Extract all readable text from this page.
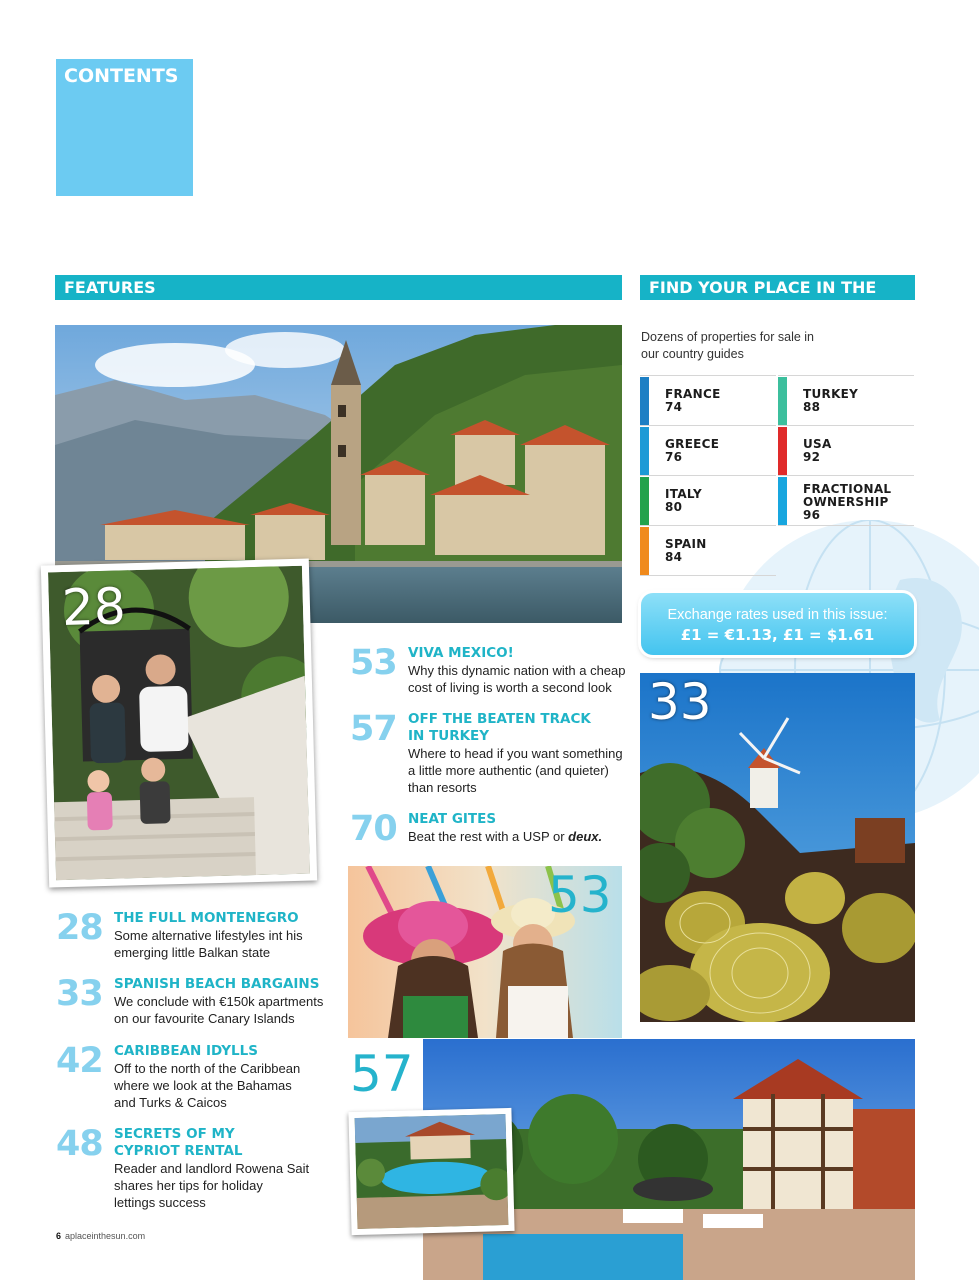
CONTENTS
FEATURES	FIND YOUR PLACE IN THE SUN
Dozens of properties for sale in
our country guides
FRANCE
74
TURKEY
88
GREECE
76
USA
92
ITALY
80
FRACTIONAL
OWNERSHIP
96
SPAIN
84
Exchange rates used in this issue:
£1 = €1.13, £1 = $1.61
28
53 VIVA MEXICO!
Why this dynamic nation with a cheap
cost of living is worth a second look
57 OFF THE BEATEN TRACK
IN TURKEY
Where to head if you want something
a little more authentic (and quieter)
than resorts
70 NEAT GITES
Beat the rest with a USP or deux.
53
33
28 THE FULL MONTENEGRO
Some alternative lifestyles int his
emerging little Balkan state
33 SPANISH BEACH BARGAINS
We conclude with €150k apartments
on our favourite Canary Islands
42 CARIBBEAN IDYLLS
Off to the north of the Caribbean
where we look at the Bahamas
and Turks & Caicos
48 SECRETS OF MY
CYPRIOT RENTAL
Reader and landlord Rowena Sait
shares her tips for holiday
lettings success
57
6 aplaceinthesun.com
